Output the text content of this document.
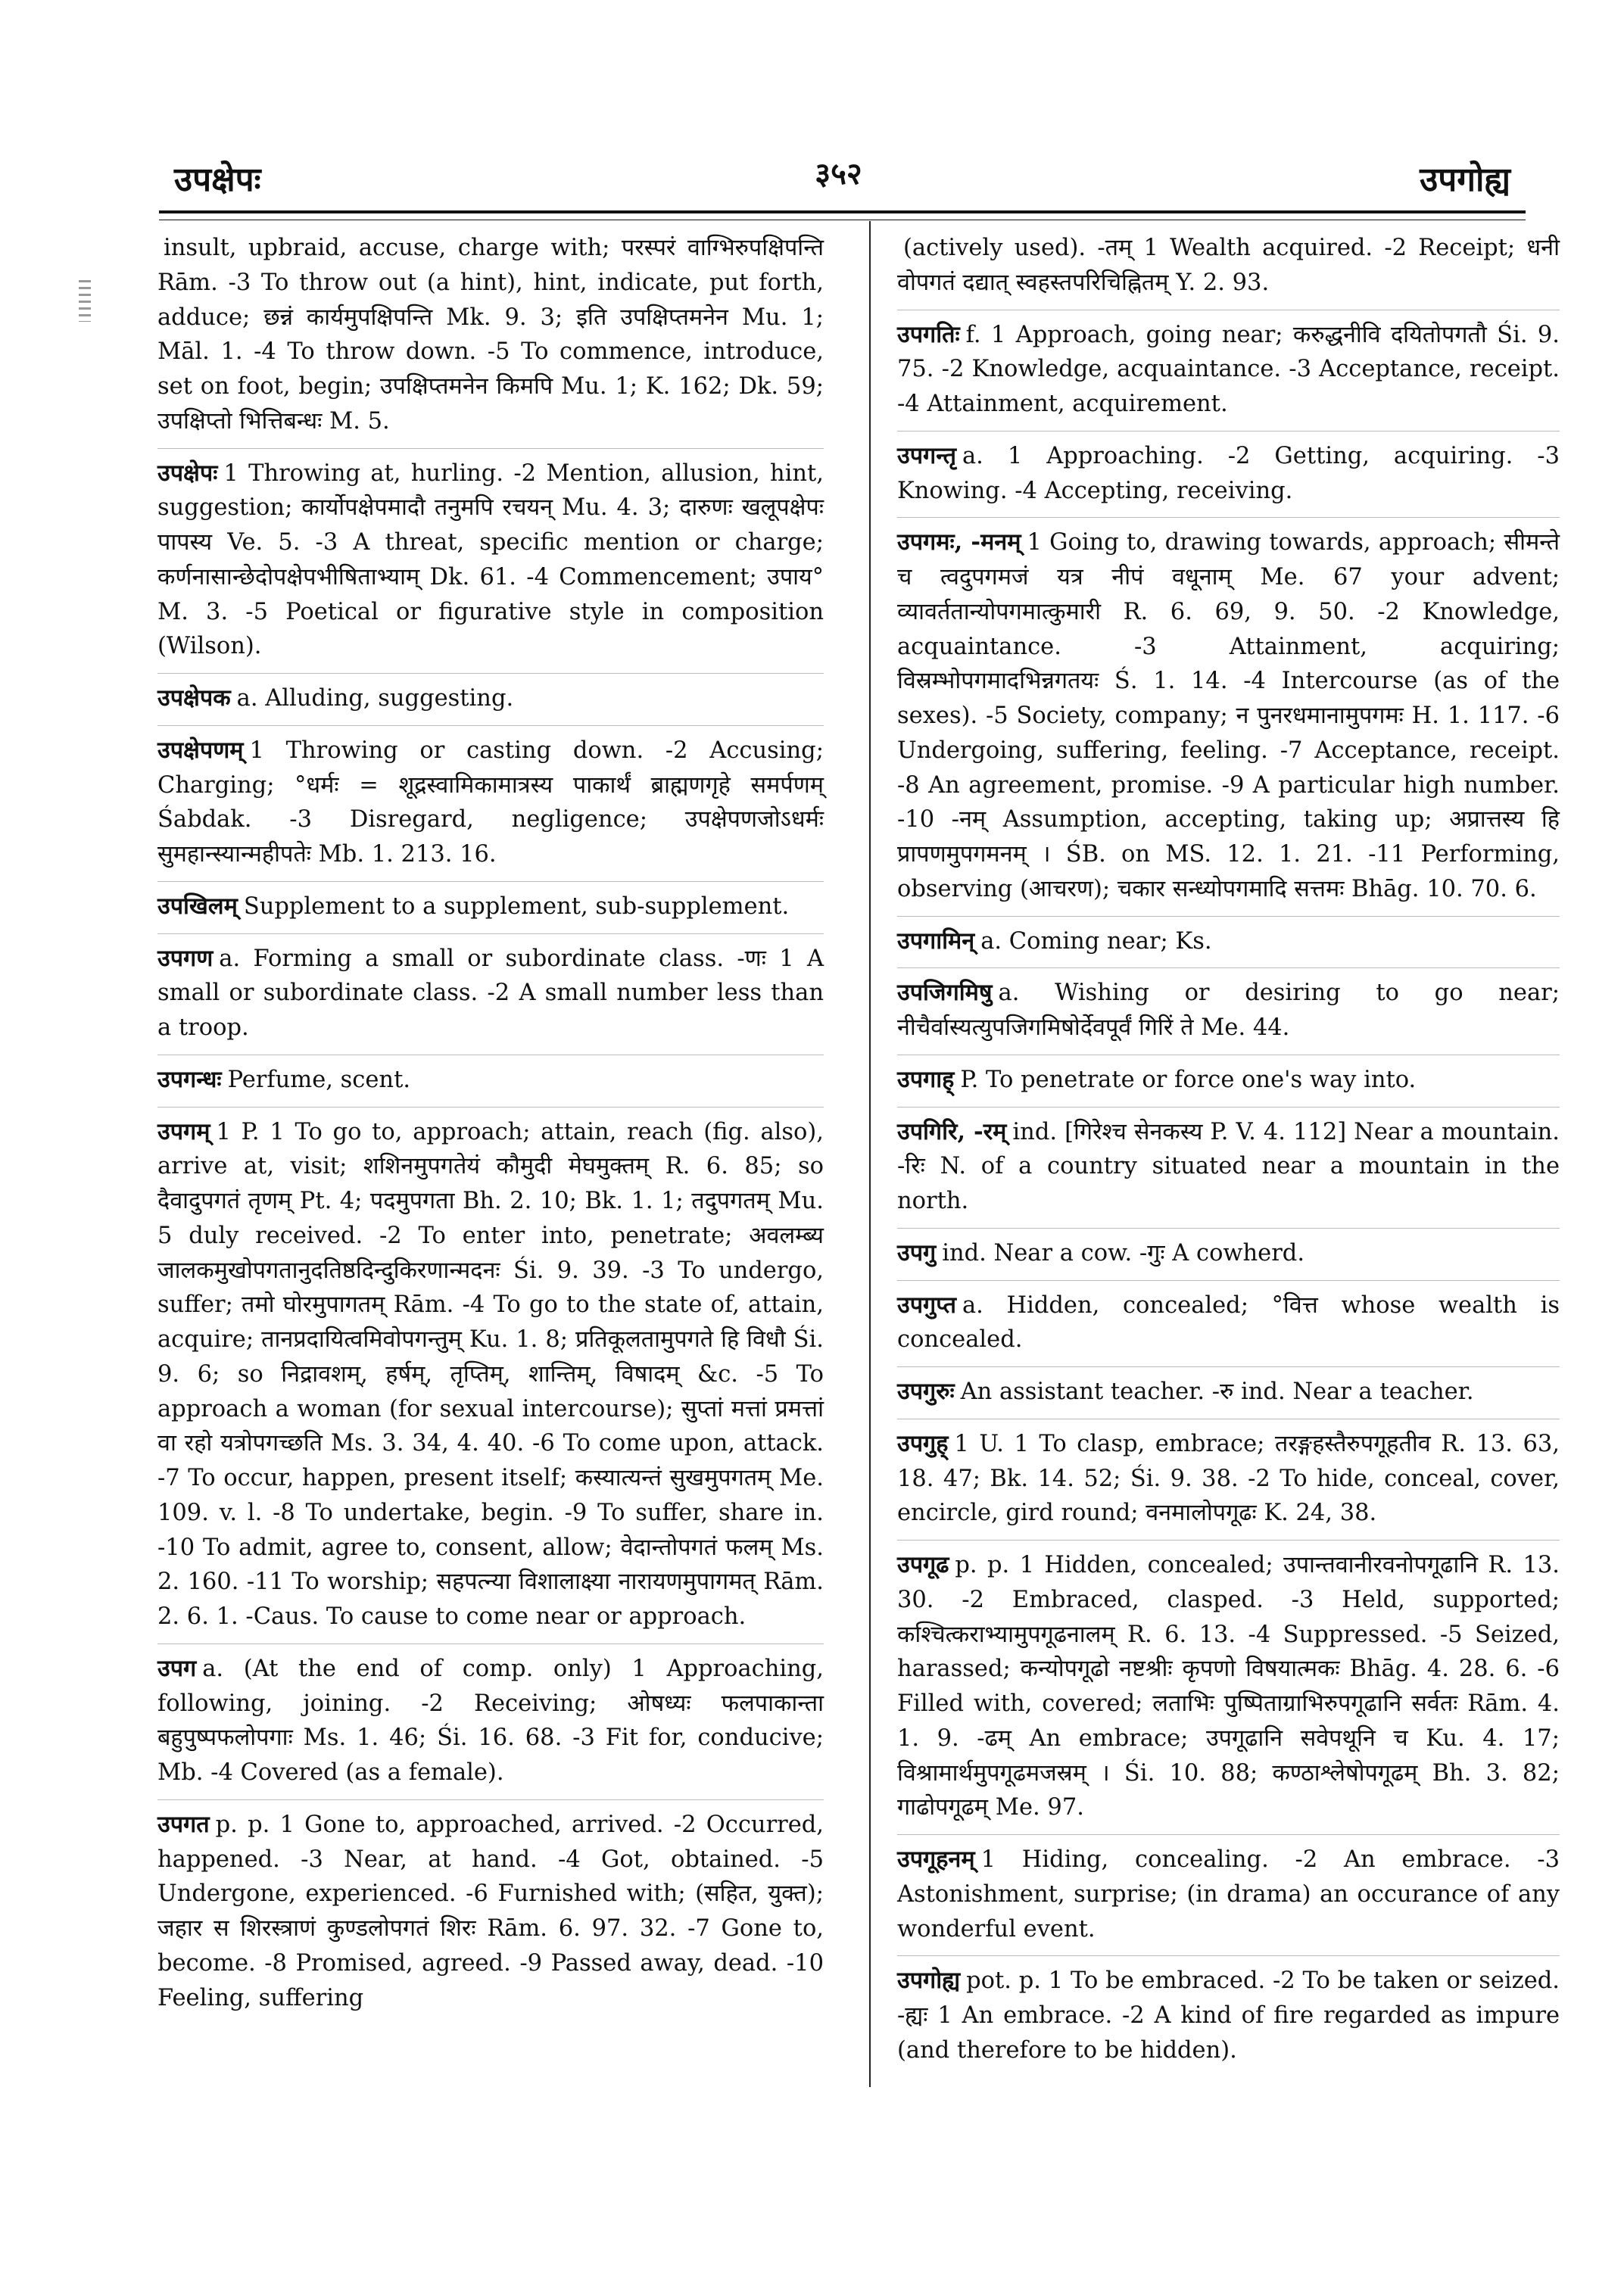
उपक्षेपः	३५२	उपगोह्य

insult, upbraid, accuse, charge with; परस्परं वाग्भिरुपक्षिपन्ति Rām. -3 To throw out (a hint), hint, indicate, put forth, adduce; छन्नं कार्यमुपक्षिपन्ति Mk. 9. 3; इति उपक्षिप्तमनेन Mu. 1; Māl. 1. -4 To throw down. -5 To commence, introduce, set on foot, begin; उपक्षिप्तमनेन किमपि Mu. 1; K. 162; Dk. 59; उपक्षिप्तो भित्तिबन्धः M. 5.

उपक्षेपः 1 Throwing at, hurling. -2 Mention, allusion, hint, suggestion; कार्योपक्षेपमादौ तनुमपि रचयन् Mu. 4. 3; दारुणः खलूपक्षेपः पापस्य Ve. 5. -3 A threat, specific mention or charge; कर्णनासान्छेदोपक्षेपभीषिताभ्याम् Dk. 61. -4 Commencement; उपाय° M. 3. -5 Poetical or figurative style in composition (Wilson).

उपक्षेपक a. Alluding, suggesting.

उपक्षेपणम् 1 Throwing or casting down. -2 Accusing; Charging; °धर्मः = शूद्रस्वामिकामात्रस्य पाकार्थं ब्राह्मणगृहे समर्पणम् Śabdak. -3 Disregard, negligence; उपक्षेपणजोऽधर्मः सुमहान्स्यान्महीपतेः Mb. 1. 213. 16.

उपखिलम् Supplement to a supplement, sub-supplement.

उपगण a. Forming a small or subordinate class. -णः 1 A small or subordinate class. -2 A small number less than a troop.

उपगन्धः Perfume, scent.

उपगम् 1 P. 1 To go to, approach; attain, reach (fig. also), arrive at, visit; शशिनमुपगतेयं कौमुदी मेघमुक्तम् R. 6. 85; so दैवादुपगतं तृणम् Pt. 4; पदमुपगता Bh. 2. 10; Bk. 1. 1; तदुपगतम् Mu. 5 duly received. -2 To enter into, penetrate; अवलम्ब्य जालकमुखोपगतानुदतिष्ठदिन्दुकिरणान्मदनः Śi. 9. 39. -3 To undergo, suffer; तमो घोरमुपागतम् Rām. -4 To go to the state of, attain, acquire; तानप्रदायित्वमिवोपगन्तुम् Ku. 1. 8; प्रतिकूलतामुपगते हि विधौ Śi. 9. 6; so निद्रावशम्, हर्षम्, तृप्तिम्, शान्तिम्, विषादम् &c. -5 To approach a woman (for sexual intercourse); सुप्तां मत्तां प्रमत्तां वा रहो यत्रोपगच्छति Ms. 3. 34, 4. 40. -6 To come upon, attack. -7 To occur, happen, present itself; कस्यात्यन्तं सुखमुपगतम् Me. 109. v. l. -8 To undertake, begin. -9 To suffer, share in. -10 To admit, agree to, consent, allow; वेदान्तोपगतं फलम् Ms. 2. 160. -11 To worship; सहपत्न्या विशालाक्ष्या नारायणमुपागमत् Rām. 2. 6. 1. -Caus. To cause to come near or approach.

उपग a. (At the end of comp. only) 1 Approaching, following, joining. -2 Receiving; ओषध्यः फलपाकान्ता बहुपुष्पफलोपगाः Ms. 1. 46; Śi. 16. 68. -3 Fit for, conducive; Mb. -4 Covered (as a female).

उपगत p. p. 1 Gone to, approached, arrived. -2 Occurred, happened. -3 Near, at hand. -4 Got, obtained. -5 Undergone, experienced. -6 Furnished with; (सहित, युक्त); जहार स शिरस्त्राणं कुण्डलोपगतं शिरः Rām. 6. 97. 32. -7 Gone to, become. -8 Promised, agreed. -9 Passed away, dead. -10 Feeling, suffering

(actively used). -तम् 1 Wealth acquired. -2 Receipt; धनी वोपगतं दद्यात् स्वहस्तपरिचिह्नितम् Y. 2. 93.

उपगतिः f. 1 Approach, going near; करुद्धनीवि दयितोपगतौ Śi. 9. 75. -2 Knowledge, acquaintance. -3 Acceptance, receipt. -4 Attainment, acquirement.

उपगन्तृ a. 1 Approaching. -2 Getting, acquiring. -3 Knowing. -4 Accepting, receiving.

उपगमः, -मनम् 1 Going to, drawing towards, approach; सीमन्ते च त्वदुपगमजं यत्र नीपं वधूनाम् Me. 67 your advent; व्यावर्ततान्योपगमात्कुमारी R. 6. 69, 9. 50. -2 Knowledge, acquaintance. -3 Attainment, acquiring; विस्रम्भोपगमादभिन्नगतयः Ś. 1. 14. -4 Intercourse (as of the sexes). -5 Society, company; न पुनरधमानामुपगमः H. 1. 117. -6 Undergoing, suffering, feeling. -7 Acceptance, receipt. -8 An agreement, promise. -9 A particular high number. -10 -नम् Assumption, accepting, taking up; अप्रात्तस्य हि प्रापणमुपगमनम् । ŚB. on MS. 12. 1. 21. -11 Performing, observing (आचरण); चकार सन्ध्योपगमादि सत्तमः Bhāg. 10. 70. 6.

उपगामिन् a. Coming near; Ks.

उपजिगमिषु a. Wishing or desiring to go near; नीचैर्वास्यत्युपजिगमिषोर्देवपूर्वं गिरिं ते Me. 44.

उपगाह् P. To penetrate or force one's way into.

उपगिरि, -रम् ind. [गिरेश्च सेनकस्य P. V. 4. 112] Near a mountain. -रिः N. of a country situated near a mountain in the north.

उपगु ind. Near a cow. -गुः A cowherd.

उपगुप्त a. Hidden, concealed; °वित्त whose wealth is concealed.

उपगुरुः An assistant teacher. -रु ind. Near a teacher.

उपगुह् 1 U. 1 To clasp, embrace; तरङ्गहस्तैरुपगूहतीव R. 13. 63, 18. 47; Bk. 14. 52; Śi. 9. 38. -2 To hide, conceal, cover, encircle, gird round; वनमालोपगूढः K. 24, 38.

उपगूढ p. p. 1 Hidden, concealed; उपान्तवानीरवनोपगूढानि R. 13. 30. -2 Embraced, clasped. -3 Held, supported; कश्चित्कराभ्यामुपगूढनालम् R. 6. 13. -4 Suppressed. -5 Seized, harassed; कन्योपगूढो नष्टश्रीः कृपणो विषयात्मकः Bhāg. 4. 28. 6. -6 Filled with, covered; लताभिः पुष्पिताग्राभिरुपगूढानि सर्वतः Rām. 4. 1. 9. -ढम् An embrace; उपगूढानि सवेपथूनि च Ku. 4. 17; विश्रामार्थमुपगूढमजस्रम् । Śi. 10. 88; कण्ठाश्लेषोपगूढम् Bh. 3. 82; गाढोपगूढम् Me. 97.

उपगूहनम् 1 Hiding, concealing. -2 An embrace. -3 Astonishment, surprise; (in drama) an occurance of any wonderful event.

उपगोह्य pot. p. 1 To be embraced. -2 To be taken or seized. -ह्यः 1 An embrace. -2 A kind of fire regarded as impure (and therefore to be hidden).
